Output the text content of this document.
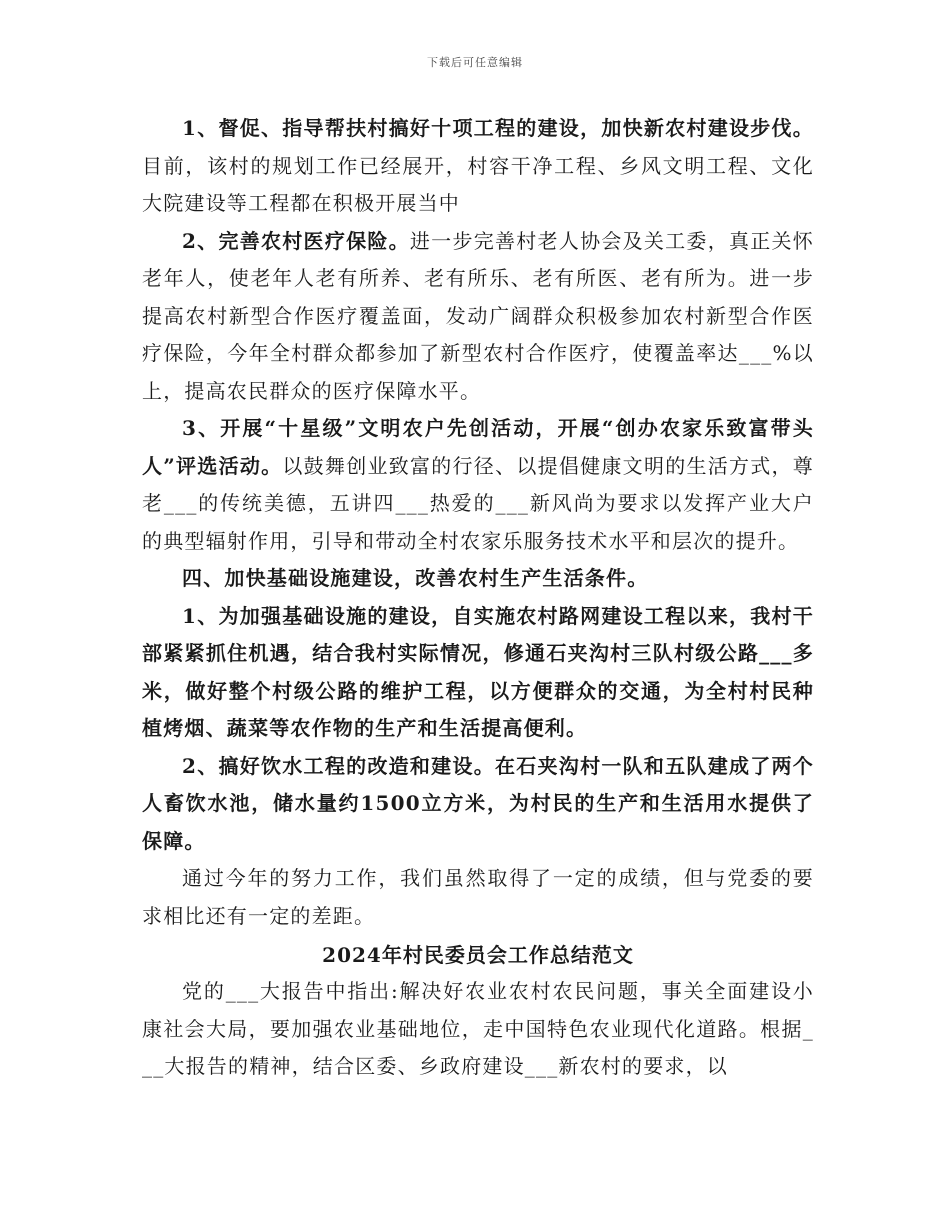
下载后可任意编辑

1、督促、指导帮扶村搞好十项工程的建设，加快新农村建设步伐。目前，该村的规划工作已经展开，村容干净工程、乡风文明工程、文化大院建设等工程都在积极开展当中

2、完善农村医疗保险。进一步完善村老人协会及关工委，真正关怀老年人，使老年人老有所养、老有所乐、老有所医、老有所为。进一步提高农村新型合作医疗覆盖面，发动广阔群众积极参加农村新型合作医疗保险，今年全村群众都参加了新型农村合作医疗，使覆盖率达___%以上，提高农民群众的医疗保障水平。

3、开展“十星级”文明农户先创活动，开展“创办农家乐致富带头人”评选活动。以鼓舞创业致富的行径、以提倡健康文明的生活方式，尊老___的传统美德，五讲四___热爱的___新风尚为要求以发挥产业大户的典型辐射作用，引导和带动全村农家乐服务技术水平和层次的提升。

四、加快基础设施建设，改善农村生产生活条件。

1、为加强基础设施的建设，自实施农村路网建设工程以来，我村干部紧紧抓住机遇，结合我村实际情况，修通石夹沟村三队村级公路___多米，做好整个村级公路的维护工程，以方便群众的交通，为全村村民种植烤烟、蔬菜等农作物的生产和生活提高便利。

2、搞好饮水工程的改造和建设。在石夹沟村一队和五队建成了两个人畜饮水池，储水量约1500立方米，为村民的生产和生活用水提供了保障。

通过今年的努力工作，我们虽然取得了一定的成绩，但与党委的要求相比还有一定的差距。

2024年村民委员会工作总结范文

党的___大报告中指出:解决好农业农村农民问题，事关全面建设小康社会大局，要加强农业基础地位，走中国特色农业现代化道路。根据___大报告的精神，结合区委、乡政府建设___新农村的要求，以
